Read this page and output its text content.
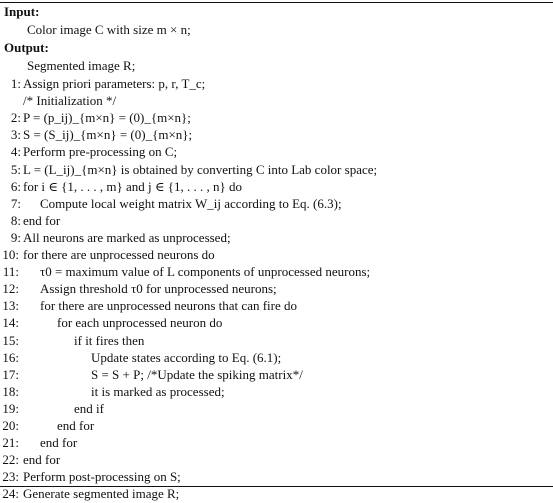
Input:
Color image C with size m × n;
Output:
Segmented image R;
1: Assign priori parameters: p, r, T_c;
/* Initialization */
2: P = (p_ij)_{m×n} = (0)_{m×n};
3: S = (S_ij)_{m×n} = (0)_{m×n};
4: Perform pre-processing on C;
5: L = (L_ij)_{m×n} is obtained by converting C into Lab color space;
6: for i ∈ {1, . . . , m} and j ∈ {1, . . . , n} do
7: Compute local weight matrix W_ij according to Eq. (6.3);
8: end for
9: All neurons are marked as unprocessed;
10: for there are unprocessed neurons do
11: τ0 = maximum value of L components of unprocessed neurons;
12: Assign threshold τ0 for unprocessed neurons;
13: for there are unprocessed neurons that can fire do
14:	for each unprocessed neuron do
15:	if it fires then
16:	Update states according to Eq. (6.1);
17:	S = S + P; /*Update the spiking matrix*/
18:	it is marked as processed;
19:	end if
20:	end for
21: end for
22: end for
23: Perform post-processing on S;
24: Generate segmented image R;
